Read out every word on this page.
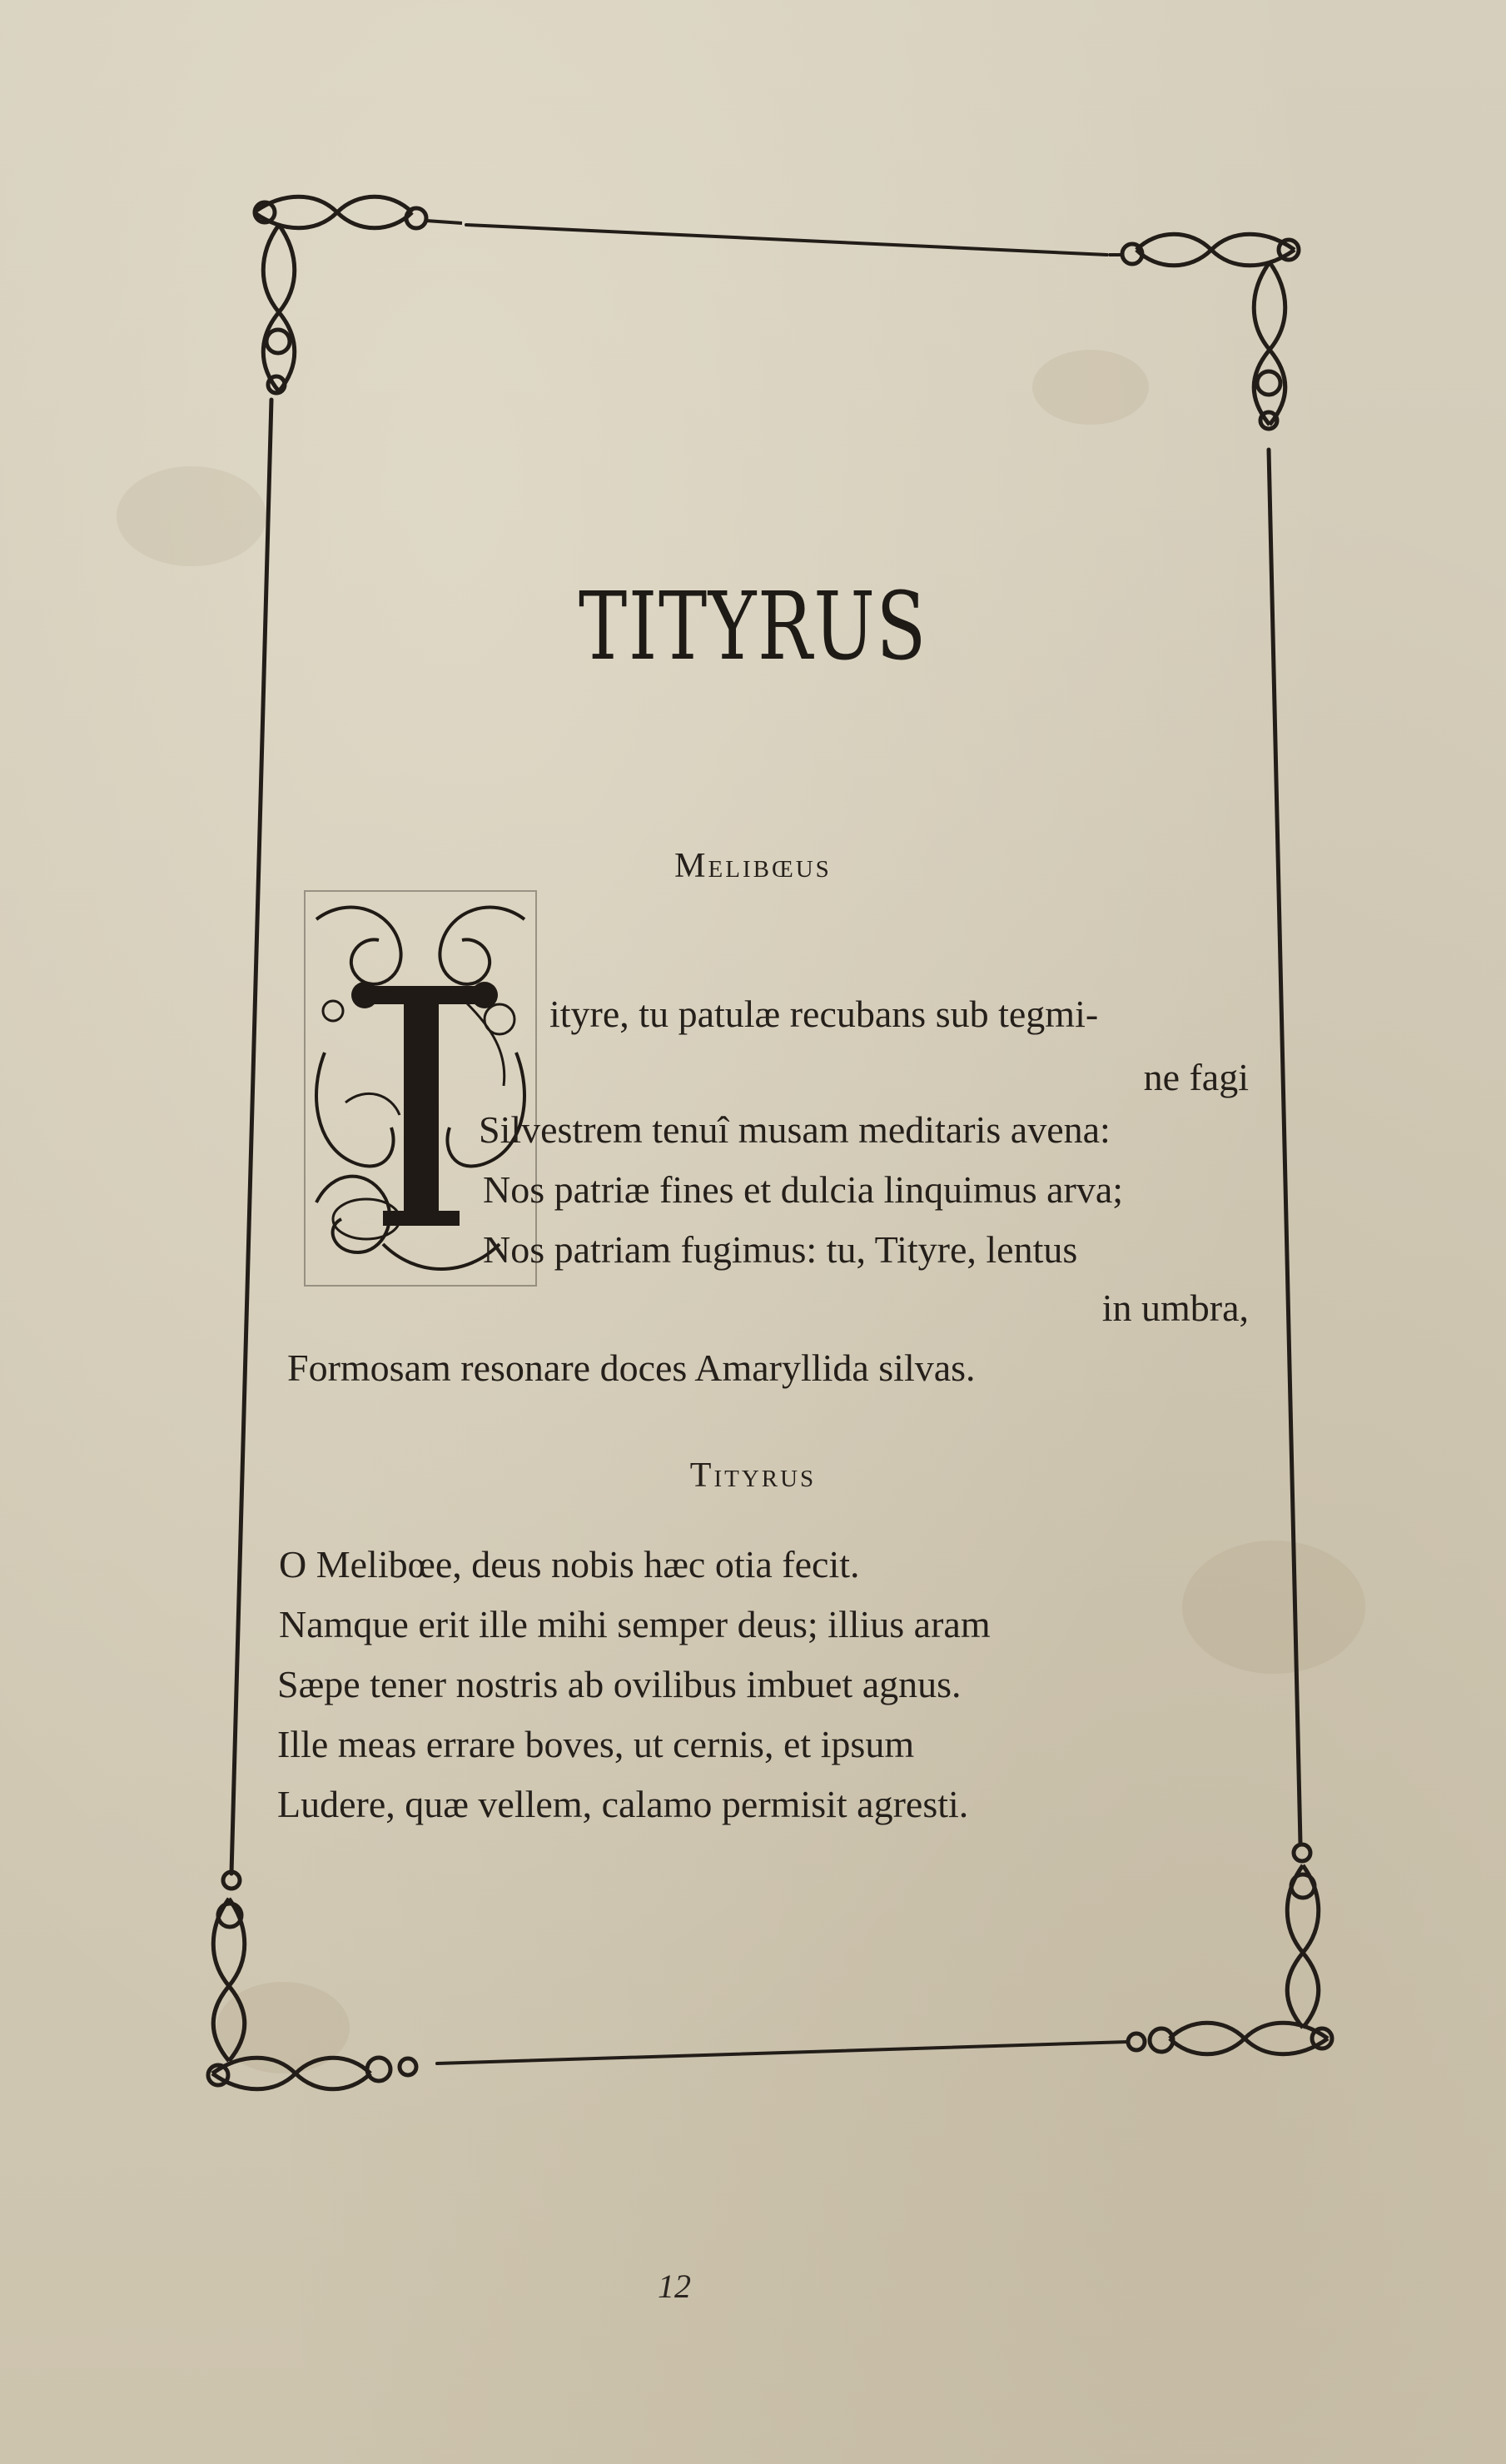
TITYRUS
Melibœus
ityre, tu patulæ recubans sub tegmi-
ne fagi
Silvestrem tenuî musam meditaris avena:
Nos patriæ fines et dulcia linquimus arva;
Nos patriam fugimus: tu, Tityre, lentus
in umbra,
Formosam resonare doces Amaryllida silvas.
Tityrus
O Melibœe, deus nobis hæc otia fecit.
Namque erit ille mihi semper deus; illius aram
Sæpe tener nostris ab ovilibus imbuet agnus.
Ille meas errare boves, ut cernis, et ipsum
Ludere, quæ vellem, calamo permisit agresti.
12
